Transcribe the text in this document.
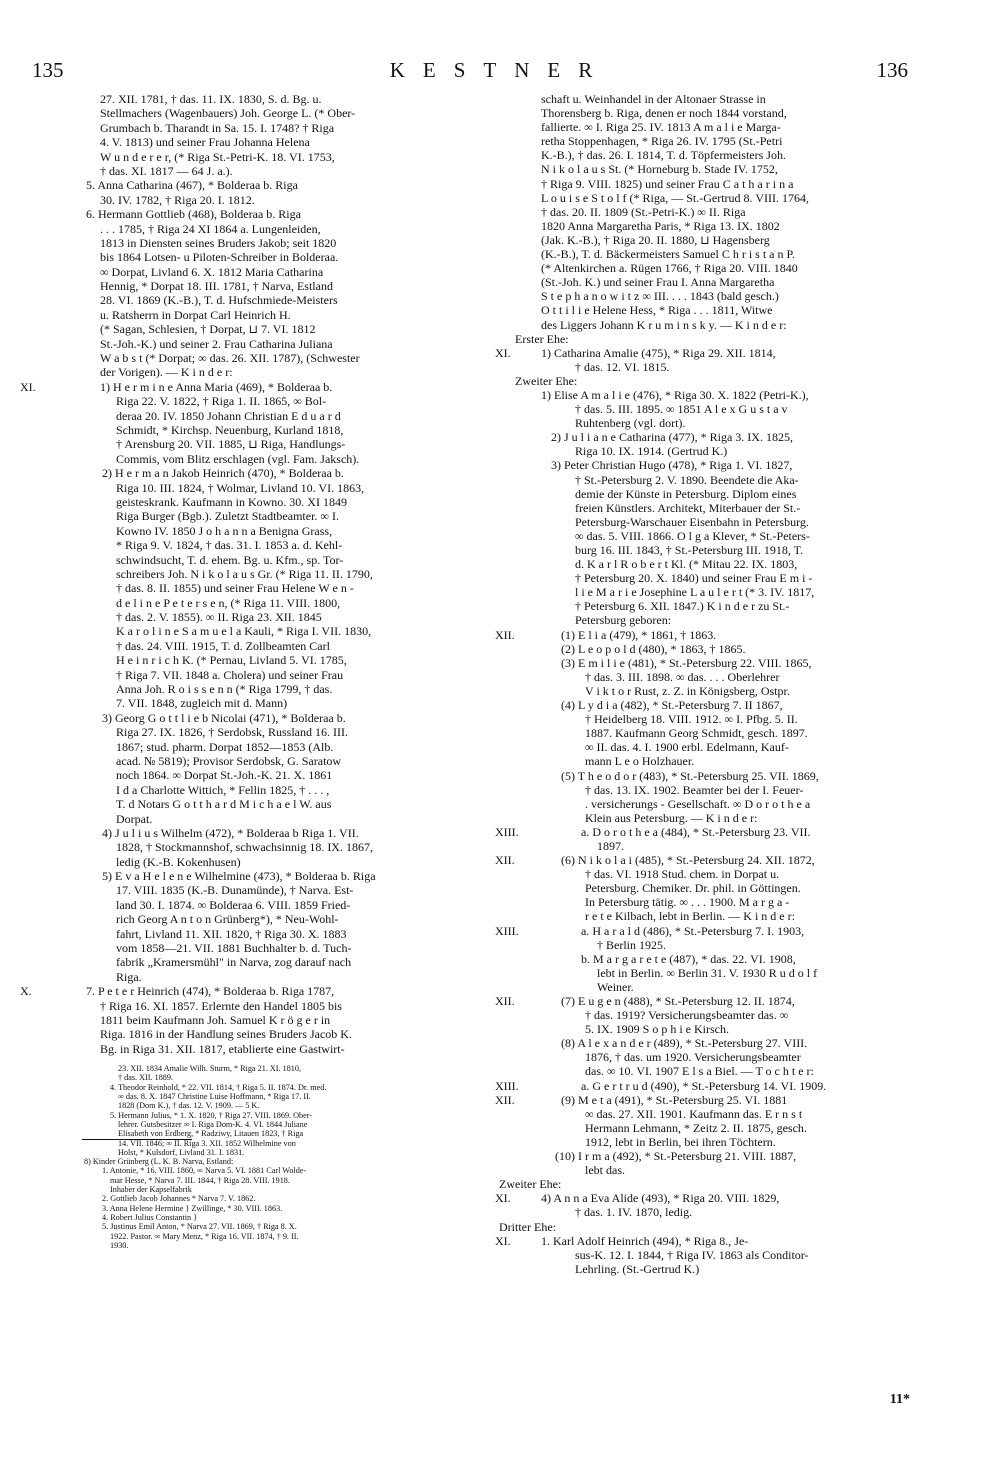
135	KESTNER	136
27. XII. 1781, † das. 11. IX. 1830, S. d. Bg. u.
Stellmachers (Wagenbauers) Joh. George L. (* Ober-
Grumbach b. Tharandt in Sa. 15. I. 1748? † Riga
4. V. 1813) und seiner Frau Johanna Helena
W u n d e r e r, (* Riga St.-Petri-K. 18. VI. 1753,
† das. XI. 1817 — 64 J. a.).
5. Anna Catharina (467), * Bolderaa b. Riga
30. IV. 1782, † Riga 20. I. 1812.
6. Hermann Gottlieb (468), Bolderaa b. Riga
. . . 1785, † Riga 24 XI 1864 a. Lungenleiden,
1813 in Diensten seines Bruders Jakob; seit 1820
bis 1864 Lotsen- u Piloten-Schreiber in Bolderaa.
∞ Dorpat, Livland 6. X. 1812 Maria Catharina
Hennig, * Dorpat 18. III. 1781, † Narva, Estland
28. VI. 1869 (K.-B.), T. d. Hufschmiede-Meisters
u. Ratsherrn in Dorpat Carl Heinrich H.
(* Sagan, Schlesien, † Dorpat, ⊔ 7. VI. 1812
St.-Joh.-K.) und seiner 2. Frau Catharina Juliana
W a b s t (* Dorpat; ∞ das. 26. XII. 1787), (Schwester
der Vorigen). — K i n d e r:
XI.	1) H e r m i n e Anna Maria (469), * Bolderaa b.
Riga 22. V. 1822, † Riga 1. II. 1865, ∞ Bol-
deraa 20. IV. 1850 Johann Christian E d u a r d
Schmidt, * Kirchsp. Neuenburg, Kurland 1818,
† Arensburg 20. VII. 1885, ⊔ Riga, Handlungs-
Commis, vom Blitz erschlagen (vgl. Fam. Jaksch).
2) H e r m a n Jakob Heinrich (470), * Bolderaa b.
Riga 10. III. 1824, † Wolmar, Livland 10. VI. 1863,
geisteskrank. Kaufmann in Kowno. 30. XI 1849
Riga Burger (Bgb.). Zuletzt Stadtbeamter. ∞ I.
Kowno IV. 1850 J o h a n n a Benigna Grass,
* Riga 9. V. 1824, † das. 31. I. 1853 a. d. Kehl-
schwindsucht, T. d. ehem. Bg. u. Kfm., sp. Tor-
schreibers Joh. N i k o l a u s Gr. (* Riga 11. II. 1790,
† das. 8. II. 1855) und seiner Frau Helene W e n -
d e l i n e P e t e r s e n, (* Riga 11. VIII. 1800,
† das. 2. V. 1855). ∞ II. Riga 23. XII. 1845
K a r o l i n e S a m u e l a Kauli, * Riga I. VII. 1830,
† das. 24. VIII. 1915, T. d. Zollbeamten Carl
H e i n r i c h K. (* Pernau, Livland 5. VI. 1785,
† Riga 7. VII. 1848 a. Cholera) und seiner Frau
Anna Joh. R o i s s e n n (* Riga 1799, † das.
7. VII. 1848, zugleich mit d. Mann)
3) Georg G o t t l i e b Nicolai (471), * Bolderaa b.
Riga 27. IX. 1826, † Serdobsk, Russland 16. III.
1867; stud. pharm. Dorpat 1852—1853 (Alb.
acad. № 5819); Provisor Serdobsk, G. Saratow
noch 1864. ∞ Dorpat St.-Joh.-K. 21. X. 1861
I d a Charlotte Wittich, * Fellin 1825, † . . . ,
T. d Notars G o t t h a r d M i c h a e l W. aus
Dorpat.
4) J u l i u s Wilhelm (472), * Bolderaa b Riga 1. VII.
1828, † Stockmannshof, schwachsinnig 18. IX. 1867,
ledig (K.-B. Kokenhusen)
5) E v a H e l e n e Wilhelmine (473), * Bolderaa b. Riga
17. VIII. 1835 (K.-B. Dunamünde), † Narva. Est-
land 30. I. 1874. ∞ Bolderaa 6. VIII. 1859 Fried-
rich Georg A n t o n Grünberg*), * Neu-Wohl-
fahrt, Livland 11. XII. 1820, † Riga 30. X. 1883
vom 1858—21. VII. 1881 Buchhalter b. d. Tuch-
fabrik „Kramersmühl" in Narva, zog darauf nach
Riga.
X.	7. P e t e r Heinrich (474), * Bolderaa b. Riga 1787,
† Riga 16. XI. 1857. Erlernte den Handel 1805 bis
1811 beim Kaufmann Joh. Samuel K r ö g e r in
Riga. 1816 in der Handlung seines Bruders Jacob K.
Bg. in Riga 31. XII. 1817, etablierte eine Gastwirt-
23. XII. 1834 Amalie Wilh. Sturm, * Riga 21. XI. 1810,
† das. XII. 1889.
4. Theodor Reinhold, * 22. VII. 1814, † Riga 5. II. 1874. Dr. med.
∞ das. 8. X. 1847 Christine Luise Hoffmann, * Riga 17. II.
1828 (Dom K.), † das. 12. V. 1909. — 5 K.
5. Hermann Julius, * 1. X. 1820, † Riga 27. VIII. 1869. Ober-
lehrer. Gutsbesitzer ∞ I. Riga Dom-K. 4. VI. 1844 Juliane
Elisabeth von Erdberg, * Radziwy, Litauen 1823, † Riga
14. VII. 1846; ∞ II. Riga 3. XII. 1852 Wilhelmine von
Holst, * Kulsdorf, Livland 31. I. 1831.
8) Kinder Grünberg (L. K. B. Narva, Estland:
1. Antonie, * 16. VIII. 1860, ∞ Narva 5. VI. 1881 Carl Wolde-
mar Hesse, * Narva 7. III. 1844, † Riga 28. VIII. 1918.
Inhaber der Kapselfabrik
2. Gottlieb Jacob Johannes * Narva 7. V. 1862.
3. Anna Helene Hermine } Zwillinge, * 30. VIII. 1863.
4. Robert Julius Constantin }
5. Justinus Emil Anton, * Narva 27. VII. 1869, † Riga 8. X.
1922. Pastor. ∞ Mary Menz, * Riga 16. VII. 1874, † 9. II.
1930.
schaft u. Weinhandel in der Altonaer Strasse in
Thorensberg b. Riga, denen er noch 1844 vorstand,
fallierte. ∞ I. Riga 25. IV. 1813 A m a l i e Marga-
retha Stoppenhagen, * Riga 26. IV. 1795 (St.-Petri
K.-B.), † das. 26. I. 1814, T. d. Töpfermeisters Joh.
N i k o l a u s St. (* Horneburg b. Stade IV. 1752,
† Riga 9. VIII. 1825) und seiner Frau C a t h a r i n a
L o u i s e S t o l f (* Riga, — St.-Gertrud 8. VIII. 1764,
† das. 20. II. 1809 (St.-Petri-K.) ∞ II. Riga
1820 Anna Margaretha Paris, * Riga 13. IX. 1802
(Jak. K.-B.), † Riga 20. II. 1880, ⊔ Hagensberg
(K.-B.), T. d. Bäckermeisters Samuel C h r i s t a n P.
(* Altenkirchen a. Rügen 1766, † Riga 20. VIII. 1840
(St.-Joh. K.) und seiner Frau I. Anna Margaretha
S t e p h a n o w i t z ∞ III. . . . 1843 (bald gesch.)
O t t i l i e Helene Hess, * Riga . . . 1811, Witwe
des Liggers Johann K r u m i n s k y. — K i n d e r:
Erster Ehe:
XI.	1) Catharina Amalie (475), * Riga 29. XII. 1814,
† das. 12. VI. 1815.
Zweiter Ehe:
1) Elise A m a l i e (476), * Riga 30. X. 1822 (Petri-K.),
† das. 5. III. 1895. ∞ 1851 A l e x G u s t a v
Ruhtenberg (vgl. dort).
2) J u l i a n e Catharina (477), * Riga 3. IX. 1825,
Riga 10. IX. 1914. (Gertrud K.)
3) Peter Christian Hugo (478), * Riga 1. VI. 1827,
† St.-Petersburg 2. V. 1890. Beendete die Aka-
demie der Künste in Petersburg. Diplom eines
freien Künstlers. Architekt, Miterbauer der St.-
Petersburg-Warschauer Eisenbahn in Petersburg.
∞ das. 5. VIII. 1866. O l g a Klever, * St.-Peters-
burg 16. III. 1843, † St.-Petersburg III. 1918, T.
d. K a r l R o b e r t Kl. (* Mitau 22. IX. 1803,
† Petersburg 20. X. 1840) und seiner Frau E m i -
l i e M a r i e Josephine L a u l e r t (* 3. IV. 1817,
† Petersburg 6. XII. 1847.) K i n d e r zu St.-
Petersburg geboren:
XII.	(1) E l i a (479), * 1861, † 1863.
(2) L e o p o l d (480), * 1863, † 1865.
(3) E m i l i e (481), * St.-Petersburg 22. VIII. 1865,
† das. 3. III. 1898. ∞ das. . . . Oberlehrer
V i k t o r Rust, z. Z. in Königsberg, Ostpr.
(4) L y d i a (482), * St.-Petersburg 7. II 1867,
† Heidelberg 18. VIII. 1912. ∞ I. Pfbg. 5. II.
1887. Kaufmann Georg Schmidt, gesch. 1897.
∞ II. das. 4. I. 1900 erbl. Edelmann, Kauf-
mann L e o Holzhauer.
(5) T h e o d o r (483), * St.-Petersburg 25. VII. 1869,
† das. 13. IX. 1902. Beamter bei der I. Feuer-
. versicherungs - Gesellschaft. ∞ D o r o t h e a
Klein aus Petersburg. — K i n d e r:
XIII.	a. D o r o t h e a (484), * St.-Petersburg 23. VII.
1897.
XII.	(6) N i k o l a i (485), * St.-Petersburg 24. XII. 1872,
† das. VI. 1918 Stud. chem. in Dorpat u.
Petersburg. Chemiker. Dr. phil. in Göttingen.
In Petersburg tätig. ∞ . . . 1900. M a r g a -
r e t e Kilbach, lebt in Berlin. — K i n d e r:
XIII.	a. H a r a l d (486), * St.-Petersburg 7. I. 1903,
† Berlin 1925.
b. M a r g a r e t e (487), * das. 22. VI. 1908,
lebt in Berlin. ∞ Berlin 31. V. 1930 R u d o l f
Weiner.
XII.	(7) E u g e n (488), * St.-Petersburg 12. II. 1874,
† das. 1919? Versicherungsbeamter das. ∞
5. IX. 1909 S o p h i e Kirsch.
(8) A l e x a n d e r (489), * St.-Petersburg 27. VIII.
1876, † das. um 1920. Versicherungsbeamter
das. ∞ 10. VI. 1907 E l s a Biel. — T o c h t e r:
XIII.	a. G e r t r u d (490), * St.-Petersburg 14. VI. 1909.
XII.	(9) M e t a (491), * St.-Petersburg 25. VI. 1881
∞ das. 27. XII. 1901. Kaufmann das. E r n s t
Hermann Lehmann, * Zeitz 2. II. 1875, gesch.
1912, lebt in Berlin, bei ihren Töchtern.
(10) I r m a (492), * St.-Petersburg 21. VIII. 1887,
lebt das.
Zweiter Ehe:
XI.	4) A n n a Eva Alide (493), * Riga 20. VIII. 1829,
† das. 1. IV. 1870, ledig.
Dritter Ehe:
XI.	1. Karl Adolf Heinrich (494), * Riga 8., Je-
sus-K. 12. I. 1844, † Riga IV. 1863 als Conditor-
Lehrling. (St.-Gertrud K.)
11*
